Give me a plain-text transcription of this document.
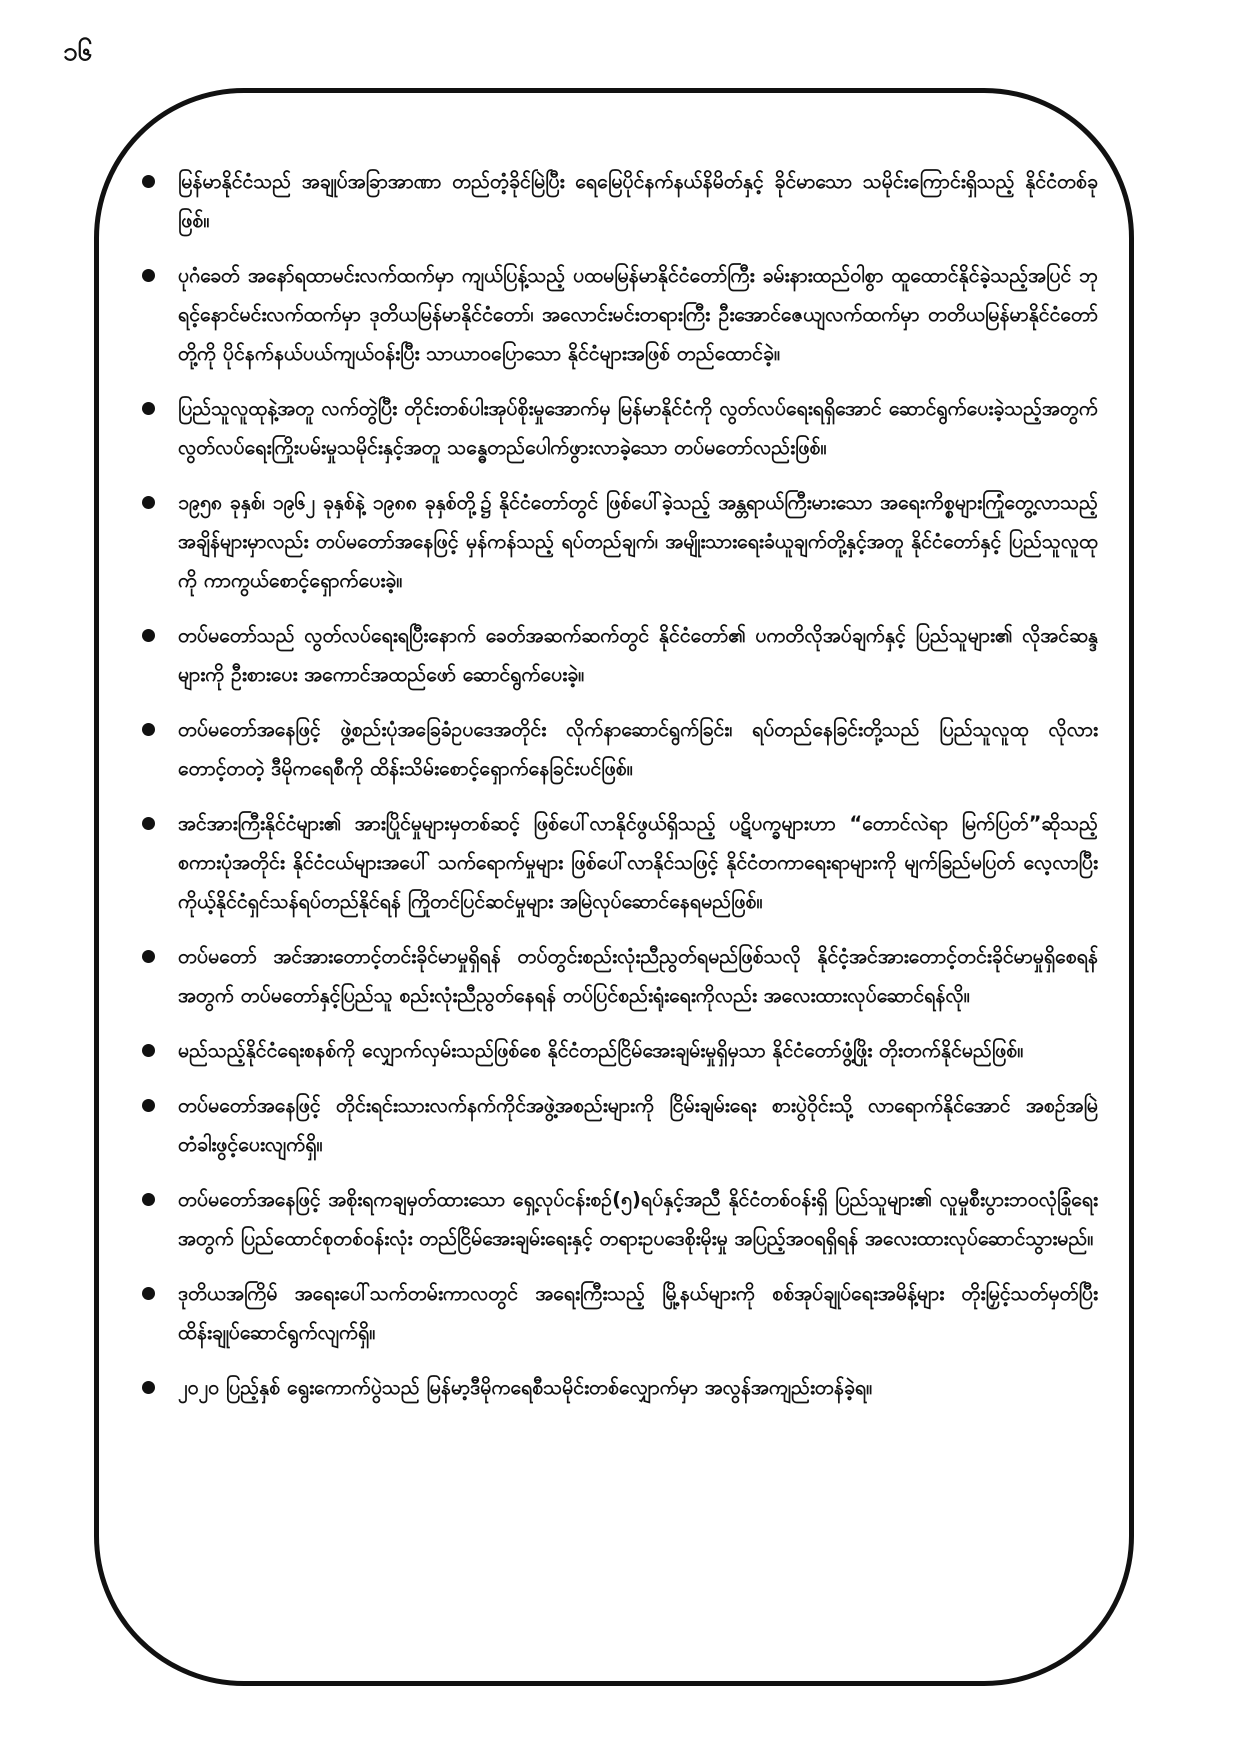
၁၆
မြန်မာနိုင်ငံသည် အချုပ်အခြာအာဏာ တည်တံ့ခိုင်မြဲပြီး ရေမြေပိုင်နက်နယ်နိမိတ်နှင့် ခိုင်မာသော သမိုင်းကြောင်းရှိသည့် နိုင်ငံတစ်ခုဖြစ်။
ပုဂံခေတ် အနော်ရထာမင်းလက်ထက်မှာ ကျယ်ပြန့်သည့် ပထမမြန်မာနိုင်ငံတော်ကြီး ခမ်းနားထည်ဝါစွာ ထူထောင်နိုင်ခဲ့သည့်အပြင် ဘုရင့်နောင်မင်းလက်ထက်မှာ ဒုတိယမြန်မာနိုင်ငံတော်၊ အလောင်းမင်းတရားကြီး ဦးအောင်ဇေယျလက်ထက်မှာ တတိယမြန်မာနိုင်ငံတော်တို့ကို ပိုင်နက်နယ်ပယ်ကျယ်ဝန်းပြီး သာယာဝပြောသော နိုင်ငံများအဖြစ် တည်ထောင်ခဲ့။
ပြည်သူလူထုနဲ့အတူ လက်တွဲပြီး တိုင်းတစ်ပါးအုပ်စိုးမှုအောက်မှ မြန်မာနိုင်ငံကို လွတ်လပ်ရေးရရှိအောင် ဆောင်ရွက်ပေးခဲ့သည့်အတွက် လွတ်လပ်ရေးကြိုးပမ်းမှုသမိုင်းနှင့်အတူ သန္ဓေတည်ပေါက်ဖွားလာခဲ့သော တပ်မတော်လည်းဖြစ်။
၁၉၅၈ ခုနှစ်၊ ၁၉၆၂ ခုနှစ်နဲ့ ၁၉၈၈ ခုနှစ်တို့၌ နိုင်ငံတော်တွင် ဖြစ်ပေါ်ခဲ့သည့် အန္တရာယ်ကြီးမားသော အရေးကိစ္စများကြုံတွေ့လာသည့်အချိန်များမှာလည်း တပ်မတော်အနေဖြင့် မှန်ကန်သည့် ရပ်တည်ချက်၊ အမျိုးသားရေးခံယူချက်တို့နှင့်အတူ နိုင်ငံတော်နှင့် ပြည်သူလူထုကို ကာကွယ်စောင့်ရှောက်ပေးခဲ့။
တပ်မတော်သည် လွတ်လပ်ရေးရပြီးနောက် ခေတ်အဆက်ဆက်တွင် နိုင်ငံတော်၏ ပကတိလိုအပ်ချက်နှင့် ပြည်သူများ၏ လိုအင်ဆန္ဒများကို ဦးစားပေး အကောင်အထည်ဖော် ဆောင်ရွက်ပေးခဲ့။
တပ်မတော်အနေဖြင့် ဖွဲ့စည်းပုံအခြေခံဥပဒေအတိုင်း လိုက်နာဆောင်ရွက်ခြင်း၊ ရပ်တည်နေခြင်းတို့သည် ပြည်သူလူထု လိုလားတောင့်တတဲ့ ဒီမိုကရေစီကို ထိန်းသိမ်းစောင့်ရှောက်နေခြင်းပင်ဖြစ်။
အင်အားကြီးနိုင်ငံများ၏ အားပြိုင်မှုများမှတစ်ဆင့် ဖြစ်ပေါ်လာနိုင်ဖွယ်ရှိသည့် ပဋိပက္ခများဟာ “တောင်လဲရာ မြက်ပြတ်”ဆိုသည့် စကားပုံအတိုင်း နိုင်ငံငယ်များအပေါ် သက်ရောက်မှုများ ဖြစ်ပေါ်လာနိုင်သဖြင့် နိုင်ငံတကာရေးရာများကို မျက်ခြည်မပြတ် လေ့လာပြီး ကိုယ့်နိုင်ငံရှင်သန်ရပ်တည်နိုင်ရန် ကြိုတင်ပြင်ဆင်မှုများ အမြဲလုပ်ဆောင်နေရမည်ဖြစ်။
တပ်မတော် အင်အားတောင့်တင်းခိုင်မာမှုရှိရန် တပ်တွင်းစည်းလုံးညီညွတ်ရမည်ဖြစ်သလို နိုင်ငံ့အင်အားတောင့်တင်းခိုင်မာမှုရှိစေရန်အတွက် တပ်မတော်နှင့်ပြည်သူ စည်းလုံးညီညွတ်နေရန် တပ်ပြင်စည်းရုံးရေးကိုလည်း အလေးထားလုပ်ဆောင်ရန်လို။
မည်သည့်နိုင်ငံရေးစနစ်ကို လျှောက်လှမ်းသည်ဖြစ်စေ နိုင်ငံတည်ငြိမ်အေးချမ်းမှုရှိမှသာ နိုင်ငံတော်ဖွံ့ဖြိုး တိုးတက်နိုင်မည်ဖြစ်။
တပ်မတော်အနေဖြင့် တိုင်းရင်းသားလက်နက်ကိုင်အဖွဲ့အစည်းများကို ငြိမ်းချမ်းရေး စားပွဲဝိုင်းသို့ လာရောက်နိုင်အောင် အစဉ်အမြဲ တံခါးဖွင့်ပေးလျက်ရှိ။
တပ်မတော်အနေဖြင့် အစိုးရကချမှတ်ထားသော ရှေ့လုပ်ငန်းစဉ်(၅)ရပ်နှင့်အညီ နိုင်ငံတစ်ဝန်းရှိ ပြည်သူများ၏ လူမှုစီးပွားဘဝလုံခြုံရေးအတွက် ပြည်ထောင်စုတစ်ဝန်းလုံး တည်ငြိမ်အေးချမ်းရေးနှင့် တရားဥပဒေစိုးမိုးမှု အပြည့်အဝရရှိရန် အလေးထားလုပ်ဆောင်သွားမည်။
ဒုတိယအကြိမ် အရေးပေါ်သက်တမ်းကာလတွင် အရေးကြီးသည့် မြို့နယ်များကို စစ်အုပ်ချုပ်ရေးအမိန့်များ တိုးမြှင့်သတ်မှတ်ပြီး ထိန်းချုပ်ဆောင်ရွက်လျက်ရှိ။
၂၀၂၀ ပြည့်နှစ် ရွေးကောက်ပွဲသည် မြန်မာ့ဒီမိုကရေစီသမိုင်းတစ်လျှောက်မှာ အလွန်အကျည်းတန်ခဲ့ရ။
